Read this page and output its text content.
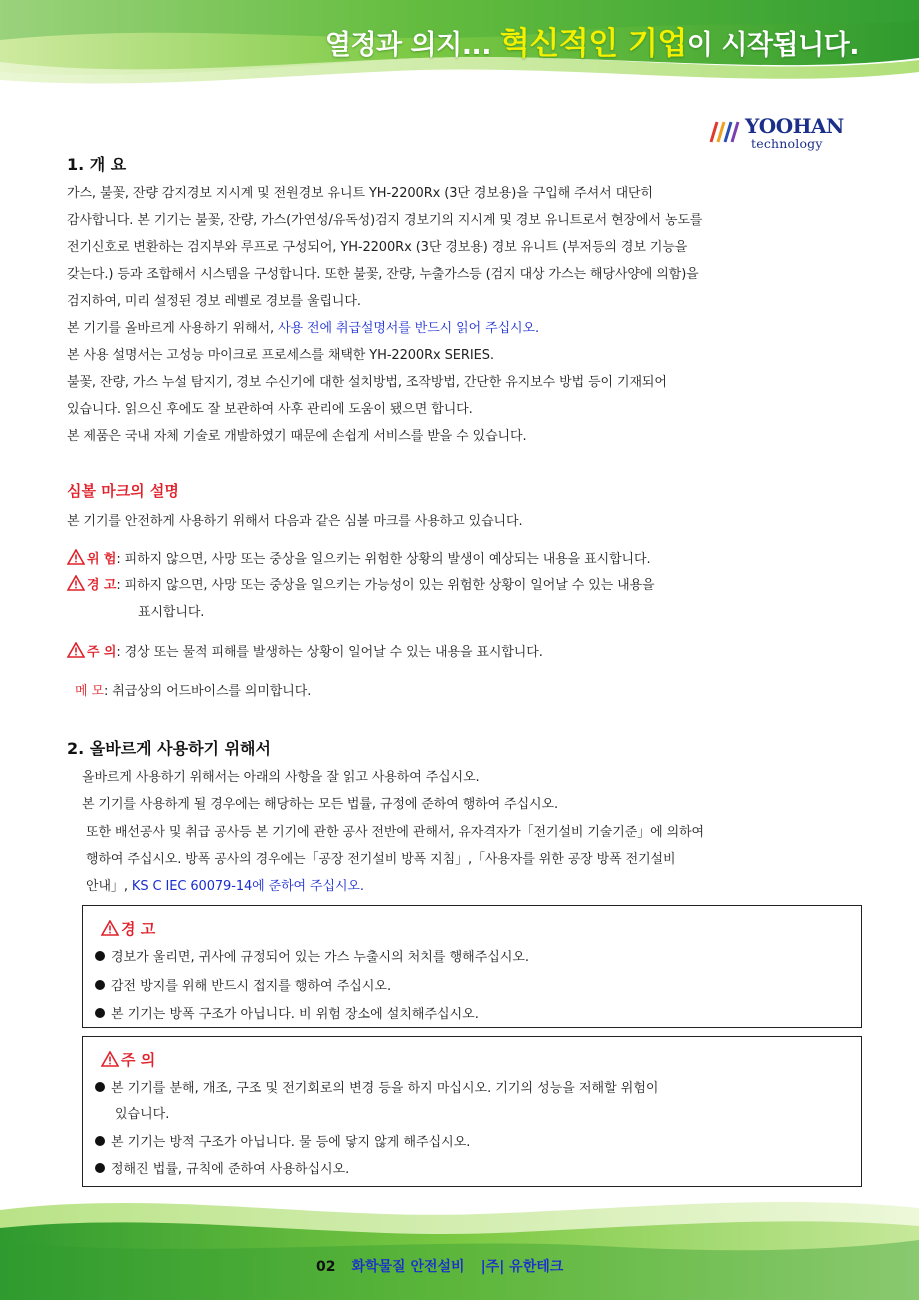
열정과 의지... 혁신적인 기업이 시작됩니다.
YOOHAN
technology
1. 개 요
가스, 불꽃, 잔량 감지경보 지시계 및 전원경보 유니트 YH-2200Rx (3단 경보용)을 구입해 주셔서 대단히
감사합니다. 본 기기는 불꽃, 잔량, 가스(가연성/유독성)검지 경보기의 지시계 및 경보 유니트로서 현장에서 농도를
전기신호로 변환하는 검지부와 루프로 구성되어, YH-2200Rx (3단 경보용) 경보 유니트 (부저등의 경보 기능을
갖는다.) 등과 조합해서 시스템을 구성합니다. 또한 불꽃, 잔량, 누출가스등 (검지 대상 가스는 해당사양에 의함)을
검지하여, 미리 설정된 경보 레벨로 경보를 울립니다.
본 기기를 올바르게 사용하기 위해서, 사용 전에 취급설명서를 반드시 읽어 주십시오.
본 사용 설명서는 고성능 마이크로 프로세스를 채택한 YH-2200Rx SERIES.
불꽃, 잔량, 가스 누설 탐지기, 경보 수신기에 대한 설치방법, 조작방법, 간단한 유지보수 방법 등이 기재되어
있습니다. 읽으신 후에도 잘 보관하여 사후 관리에 도움이 됐으면 합니다.
본 제품은 국내 자체 기술로 개발하였기 때문에 손쉽게 서비스를 받을 수 있습니다.
심볼 마크의 설명
본 기기를 안전하게 사용하기 위해서 다음과 같은 심볼 마크를 사용하고 있습니다.
위 험: 피하지 않으면, 사망 또는 중상을 일으키는 위험한 상황의 발생이 예상되는 내용을 표시합니다.
경 고: 피하지 않으면, 사망 또는 중상을 일으키는 가능성이 있는 위험한 상황이 일어날 수 있는 내용을
표시합니다.
주 의: 경상 또는 물적 피해를 발생하는 상황이 일어날 수 있는 내용을 표시합니다.
메 모: 취급상의 어드바이스를 의미합니다.
2. 올바르게 사용하기 위해서
올바르게 사용하기 위해서는 아래의 사항을 잘 읽고 사용하여 주십시오.
본 기기를 사용하게 될 경우에는 해당하는 모든 법률, 규정에 준하여 행하여 주십시오.
또한 배선공사 및 취급 공사등 본 기기에 관한 공사 전반에 관해서, 유자격자가「전기설비 기술기준」에 의하여
행하여 주십시오. 방폭 공사의 경우에는「공장 전기설비 방폭 지침」,「사용자를 위한 공장 방폭 전기설비
안내」, KS C IEC 60079-14에 준하여 주십시오.
경 고
경보가 울리면, 귀사에 규정되어 있는 가스 누출시의 처치를 행해주십시오.
감전 방지를 위해 반드시 접지를 행하여 주십시오.
본 기기는 방폭 구조가 아닙니다. 비 위험 장소에 설치해주십시오.
주 의
본 기기를 분해, 개조, 구조 및 전기회로의 변경 등을 하지 마십시오. 기기의 성능을 저해할 위험이
있습니다.
본 기기는 방적 구조가 아닙니다. 물 등에 닿지 않게 해주십시오.
정해진 법률, 규칙에 준하여 사용하십시오.
02 화학물질 안전설비 |주| 유한테크
